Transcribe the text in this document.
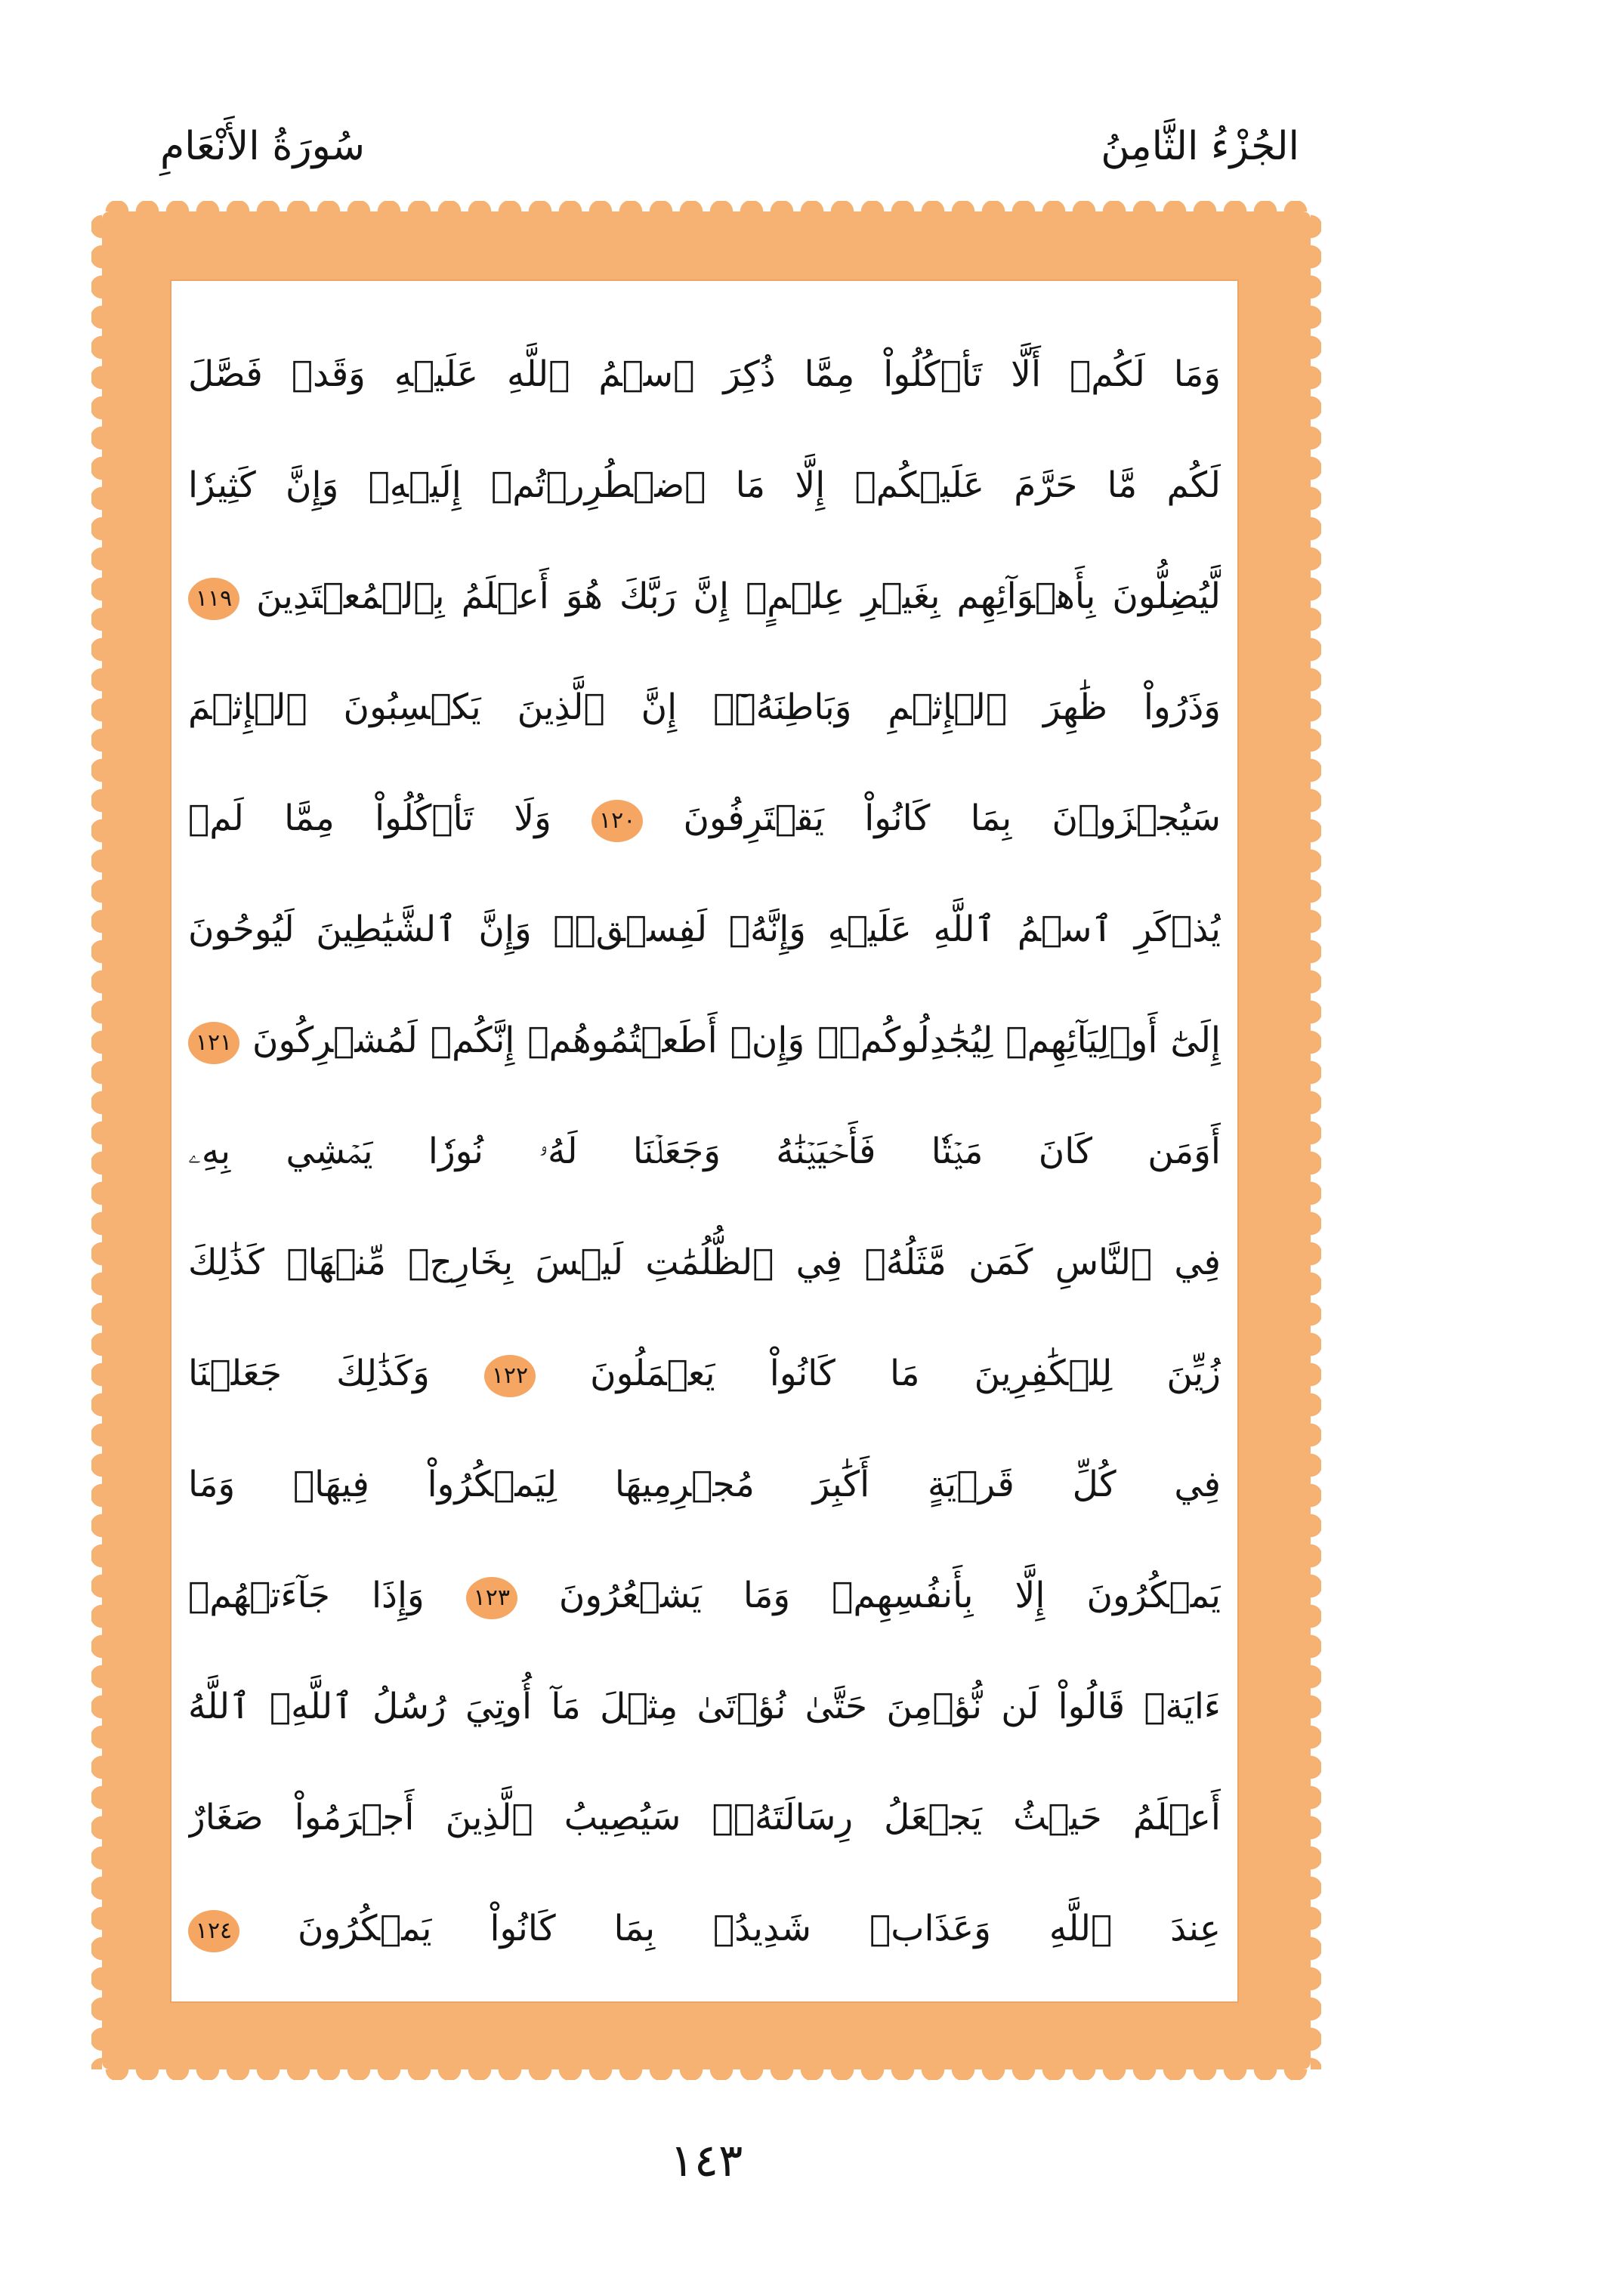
الجُزْءُ الثَّامِنُ
سُورَةُ الأَنْعَامِ
وَمَا لَكُمۡ أَلَّا تَأۡكُلُواْ مِمَّا ذُكِرَ ٱسۡمُ ٱللَّهِ عَلَيۡهِ وَقَدۡ فَصَّلَ
لَكُم مَّا حَرَّمَ عَلَيۡكُمۡ إِلَّا مَا ٱضۡطُرِرۡتُمۡ إِلَيۡهِۗ وَإِنَّ كَثِيرٗا
لَّيُضِلُّونَ بِأَهۡوَآئِهِم بِغَيۡرِ عِلۡمٍۚ إِنَّ رَبَّكَ هُوَ أَعۡلَمُ بِٱلۡمُعۡتَدِينَ ١١٩
وَذَرُواْ ظَٰهِرَ ٱلۡإِثۡمِ وَبَاطِنَهُۥٓۚ إِنَّ ٱلَّذِينَ يَكۡسِبُونَ ٱلۡإِثۡمَ
سَيُجۡزَوۡنَ بِمَا كَانُواْ يَقۡتَرِفُونَ ١٢٠ وَلَا تَأۡكُلُواْ مِمَّا لَمۡ
يُذۡكَرِ ٱسۡمُ ٱللَّهِ عَلَيۡهِ وَإِنَّهُۥ لَفِسۡقٞۗ وَإِنَّ ٱلشَّيَٰطِينَ لَيُوحُونَ
إِلَىٰٓ أَوۡلِيَآئِهِمۡ لِيُجَٰدِلُوكُمۡۖ وَإِنۡ أَطَعۡتُمُوهُمۡ إِنَّكُمۡ لَمُشۡرِكُونَ ١٢١
أَوَمَن كَانَ مَيۡتٗا فَأَحۡيَيۡنَٰهُ وَجَعَلۡنَا لَهُۥ نُورٗا يَمۡشِي بِهِۦ
فِي ٱلنَّاسِ كَمَن مَّثَلُهُۥ فِي ٱلظُّلُمَٰتِ لَيۡسَ بِخَارِجٖ مِّنۡهَاۚ كَذَٰلِكَ
زُيِّنَ لِلۡكَٰفِرِينَ مَا كَانُواْ يَعۡمَلُونَ ١٢٢ وَكَذَٰلِكَ جَعَلۡنَا
فِي كُلِّ قَرۡيَةٍ أَكَٰبِرَ مُجۡرِمِيهَا لِيَمۡكُرُواْ فِيهَاۖ وَمَا
يَمۡكُرُونَ إِلَّا بِأَنفُسِهِمۡ وَمَا يَشۡعُرُونَ ١٢٣ وَإِذَا جَآءَتۡهُمۡ
ءَايَةٞ قَالُواْ لَن نُّؤۡمِنَ حَتَّىٰ نُؤۡتَىٰ مِثۡلَ مَآ أُوتِيَ رُسُلُ ٱللَّهِۘ ٱللَّهُ
أَعۡلَمُ حَيۡثُ يَجۡعَلُ رِسَالَتَهُۥۗ سَيُصِيبُ ٱلَّذِينَ أَجۡرَمُواْ صَغَارٌ
عِندَ ٱللَّهِ وَعَذَابٞ شَدِيدُۢ بِمَا كَانُواْ يَمۡكُرُونَ ١٢٤
١٤٣
